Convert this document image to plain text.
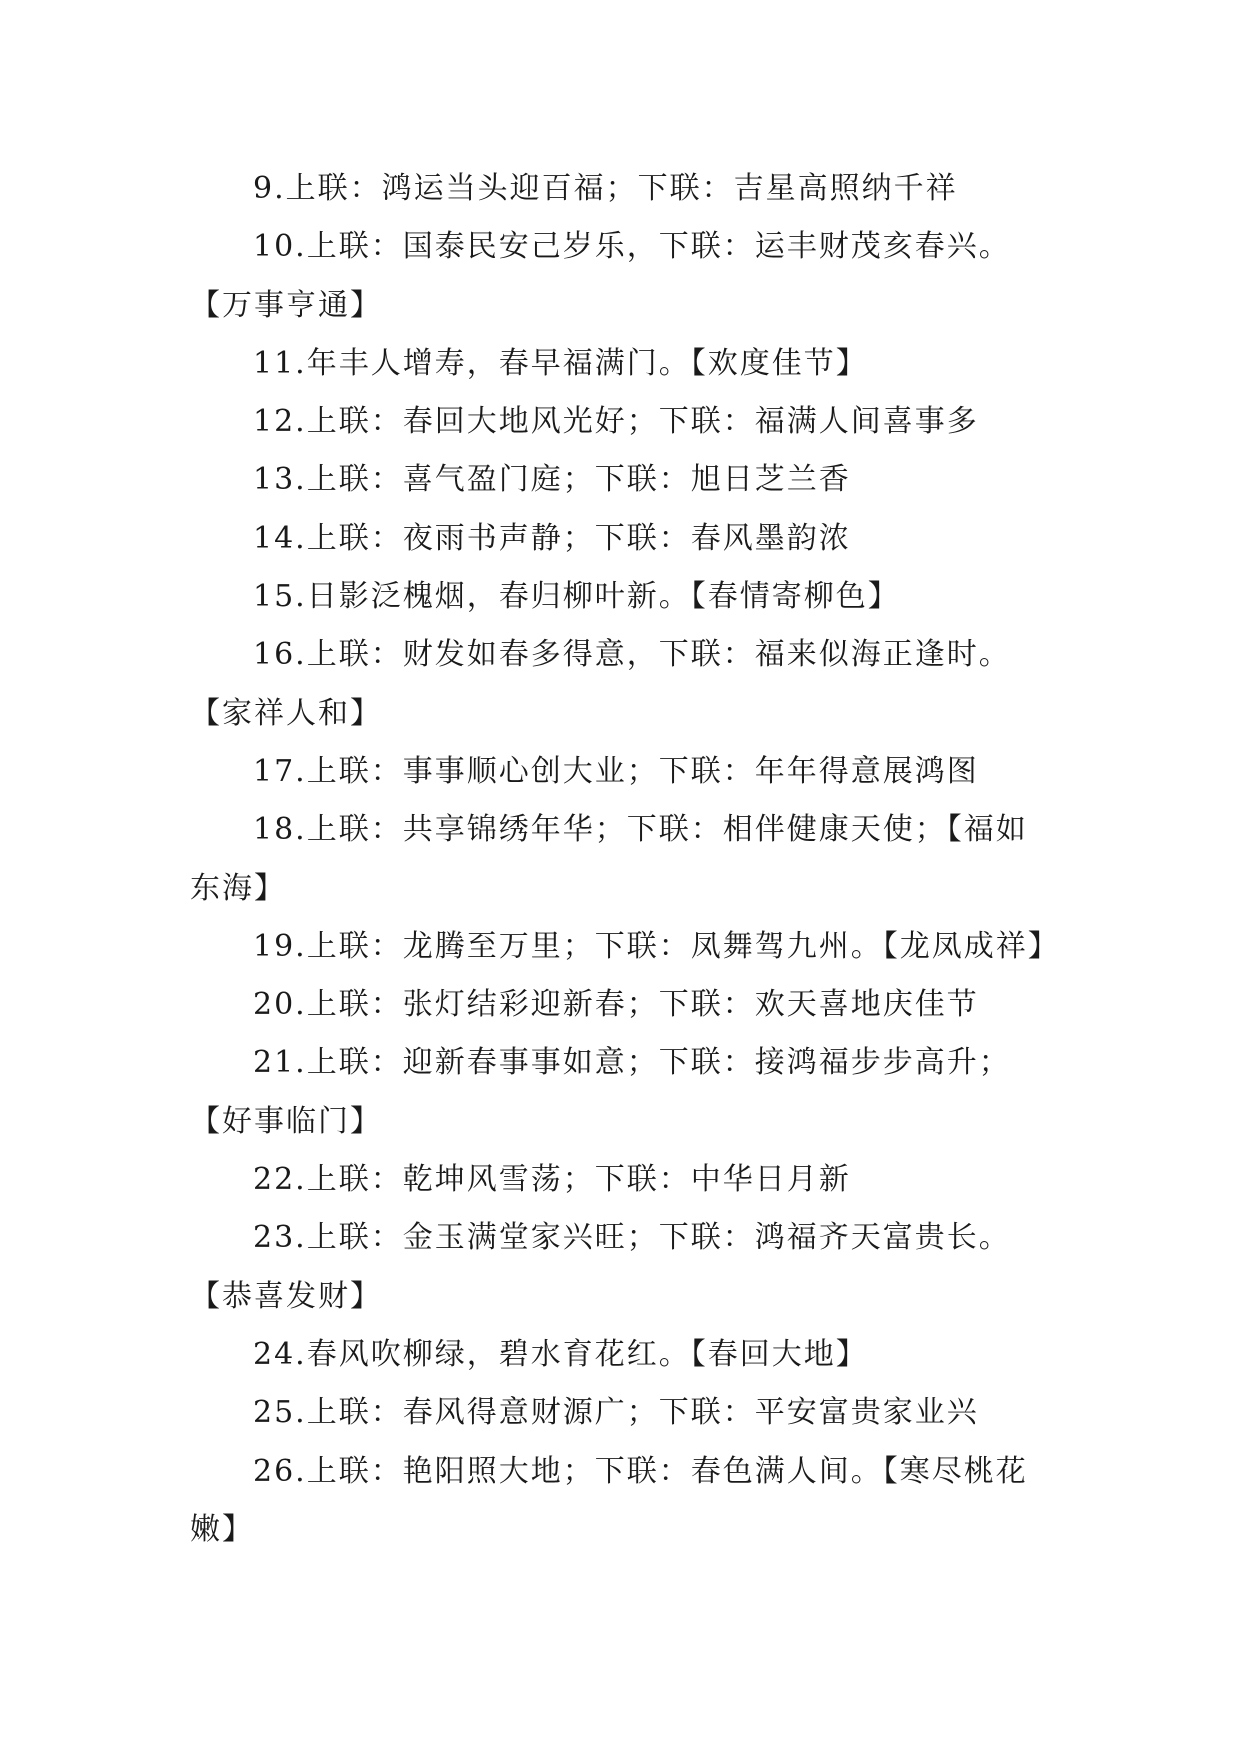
9.上联：鸿运当头迎百福；下联：吉星高照纳千祥
10.上联：国泰民安己岁乐，下联：运丰财茂亥春兴。
【万事亨通】
11.年丰人增寿，春早福满门。【欢度佳节】
12.上联：春回大地风光好；下联：福满人间喜事多
13.上联：喜气盈门庭；下联：旭日芝兰香
14.上联：夜雨书声静；下联：春风墨韵浓
15.日影泛槐烟，春归柳叶新。【春情寄柳色】
16.上联：财发如春多得意，下联：福来似海正逢时。
【家祥人和】
17.上联：事事顺心创大业；下联：年年得意展鸿图
18.上联：共享锦绣年华；下联：相伴健康天使；【福如
东海】
19.上联：龙腾至万里；下联：凤舞驾九州。【龙凤成祥】
20.上联：张灯结彩迎新春；下联：欢天喜地庆佳节
21.上联：迎新春事事如意；下联：接鸿福步步高升；
【好事临门】
22.上联：乾坤风雪荡；下联：中华日月新
23.上联：金玉满堂家兴旺；下联：鸿福齐天富贵长。
【恭喜发财】
24.春风吹柳绿，碧水育花红。【春回大地】
25.上联：春风得意财源广；下联：平安富贵家业兴
26.上联：艳阳照大地；下联：春色满人间。【寒尽桃花
嫩】
